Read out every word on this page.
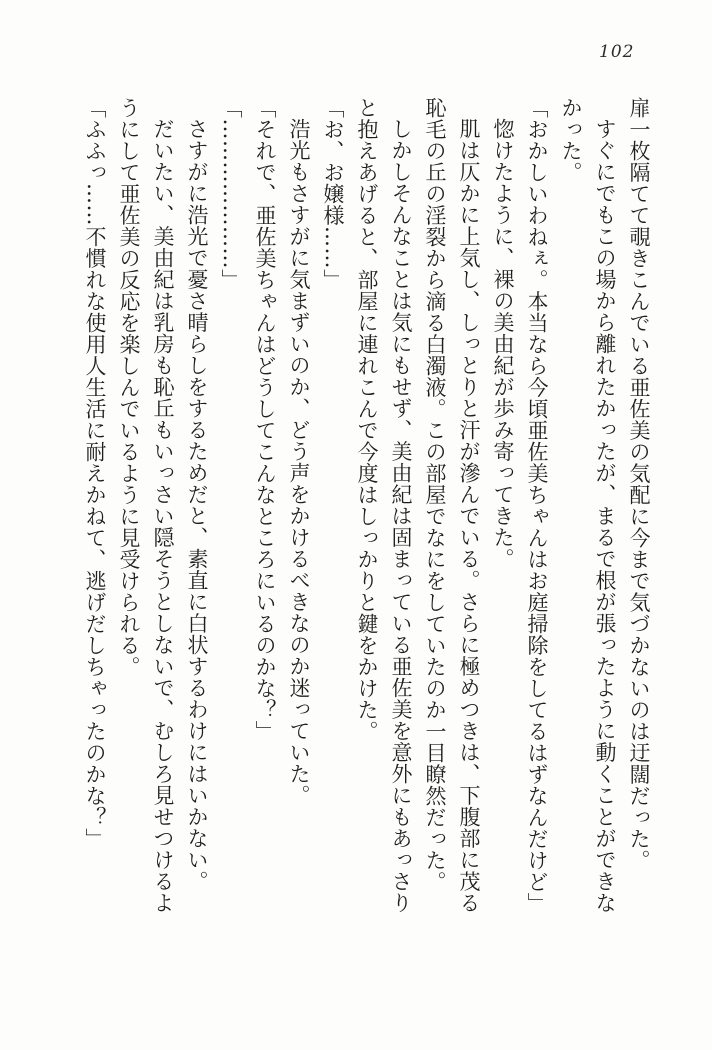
102

扉一枚隔てて覗きこんでいる亜佐美の気配に今まで気づかないのは迂闊だった。

すぐにでもこの場から離れたかったが、まるで根が張ったように動くことができな

かった。

「おかしいわねぇ。本当なら今頃亜佐美ちゃんはお庭掃除をしてるはずなんだけど」

惚けたように、裸の美由紀が歩み寄ってきた。

肌は仄かに上気し、しっとりと汗が滲んでいる。さらに極めつきは、下腹部に茂る

恥毛の丘の淫裂から滴る白濁液。この部屋でなにをしていたのか一目瞭然だった。

しかしそんなことは気にもせず、美由紀は固まっている亜佐美を意外にもあっさり

と抱えあげると、部屋に連れこんで今度はしっかりと鍵をかけた。

「お、お嬢様……」

浩光もさすがに気まずいのか、どう声をかけるべきなのか迷っていた。

「それで、亜佐美ちゃんはどうしてこんなところにいるのかな？」

「…………………」

さすがに浩光で憂さ晴らしをするためだと、素直に白状するわけにはいかない。

だいたい、美由紀は乳房も恥丘もいっさい隠そうとしないで、むしろ見せつけるよ

うにして亜佐美の反応を楽しんでいるように見受けられる。

「ふふっ……不慣れな使用人生活に耐えかねて、逃げだしちゃったのかな？」
